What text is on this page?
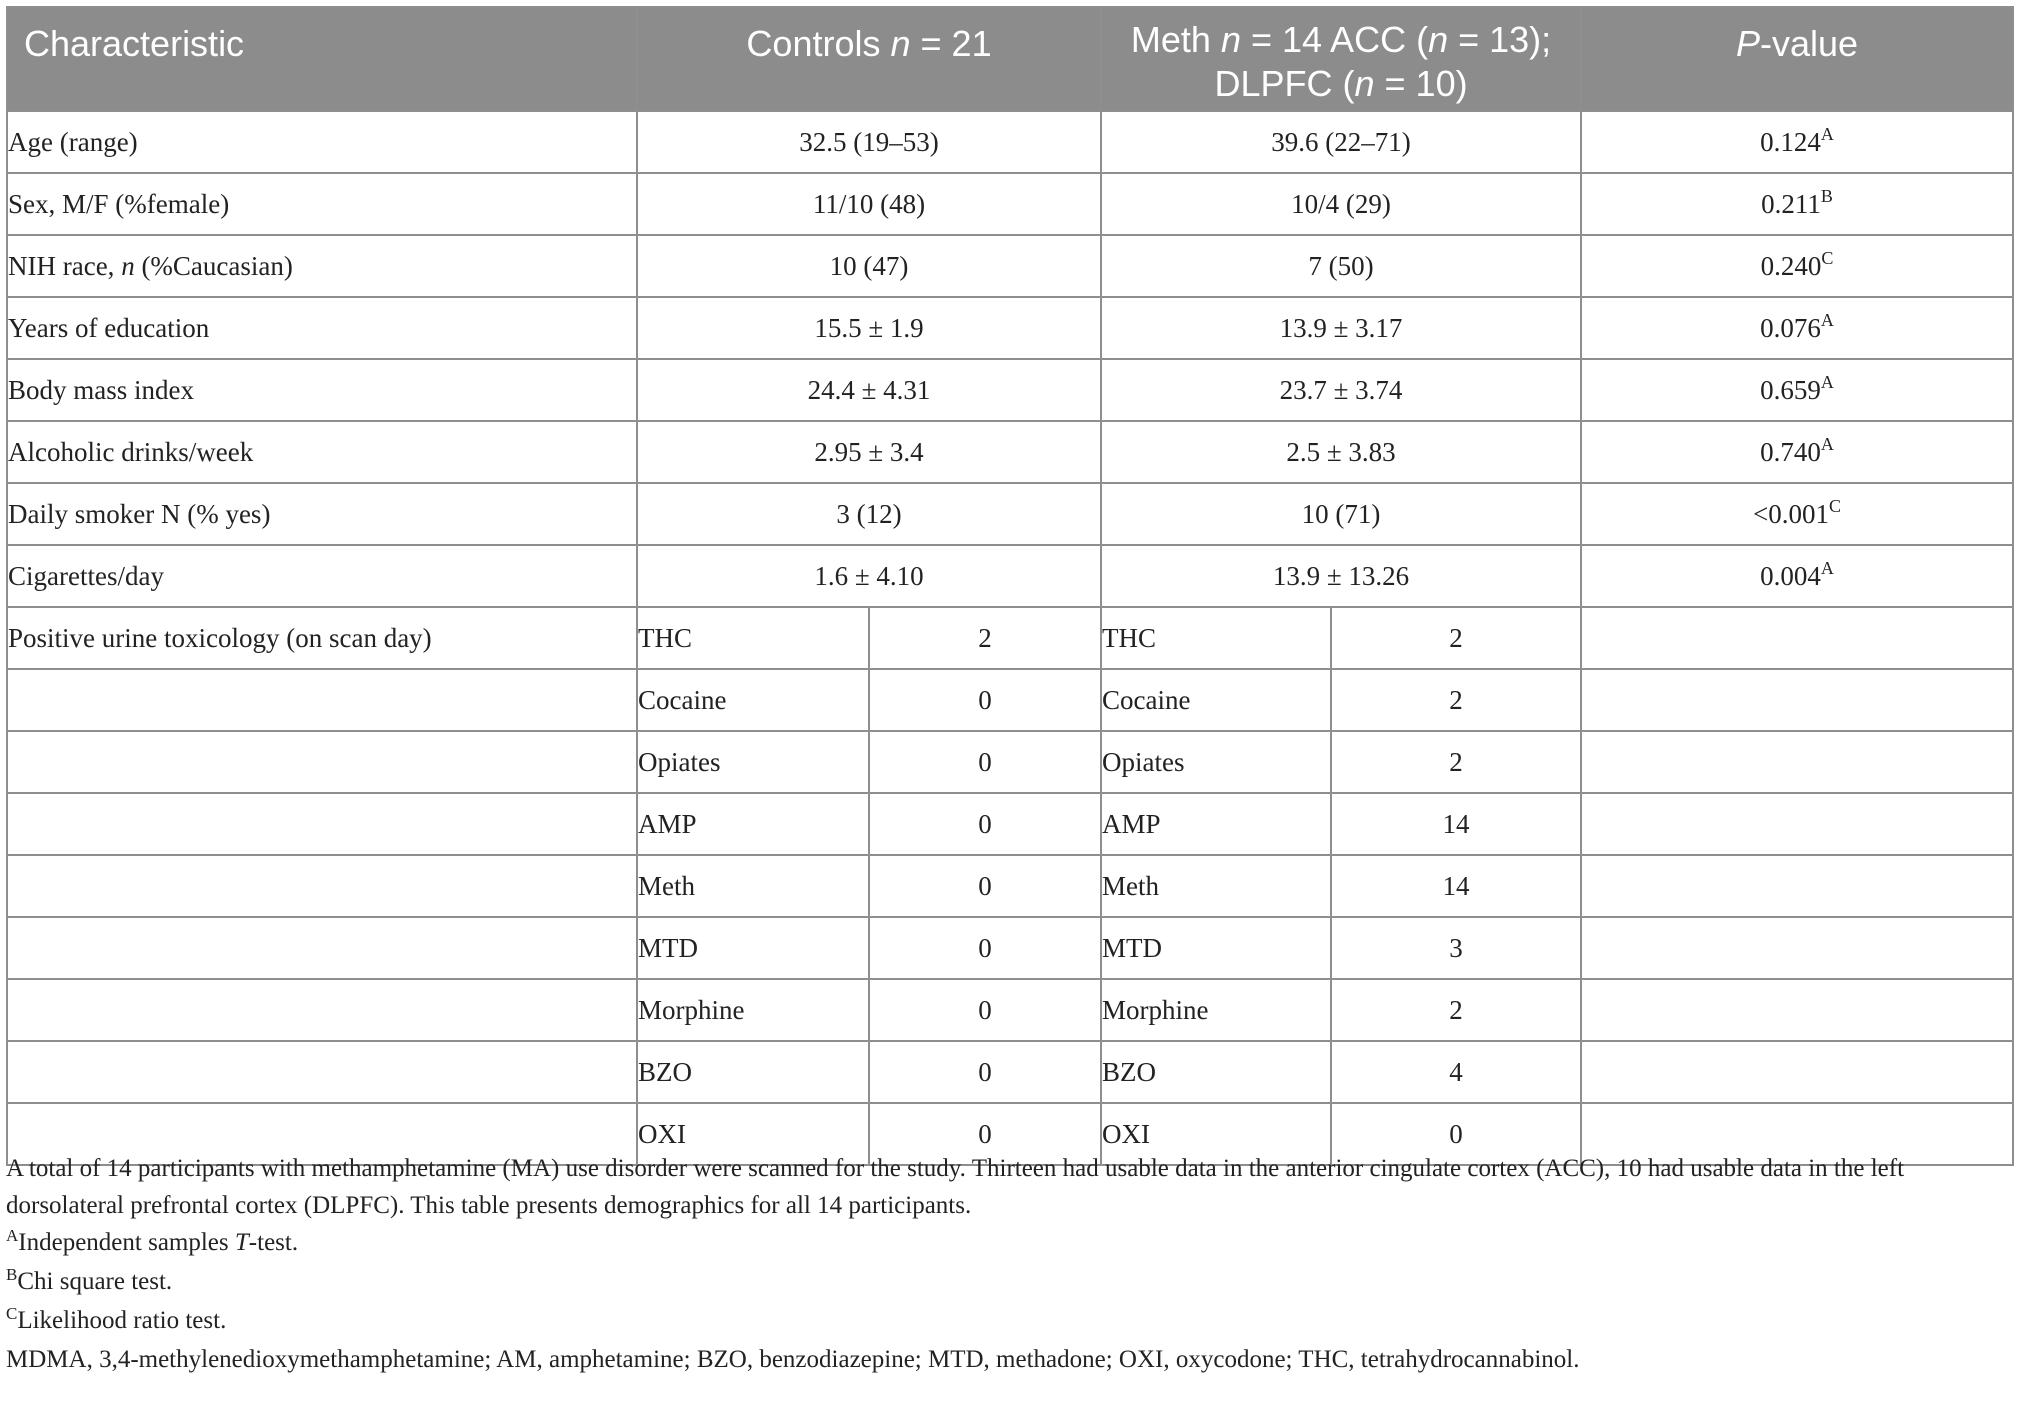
Characteristic	Controls n = 21		Meth n = 14 ACC (n = 13);
DLPFC (n = 10)		P-value
Age (range)	32.5 (19–53)		39.6 (22–71)		$0.124^A$
Sex, M/F (%female)	11/10 (48)		10/4 (29)		$0.211^B$
NIH race, n (%Caucasian)	10 (47)		7 (50)		$0.240^C$
Years of education	15.5 ± 1.9		13.9 ± 3.17		$0.076^A$
Body mass index	24.4 ± 4.31		23.7 ± 3.74		$0.659^A$
Alcoholic drinks/week	2.95 ± 3.4		2.5 ± 3.83		$0.740^A$
Daily smoker N (% yes)	3 (12)		10 (71)		$<0.001^C$
Cigarettes/day	1.6 ± 4.10		13.9 ± 13.26		$0.004^A$
Positive urine toxicology (on scan day)	THC	2	THC	2	
	Cocaine	0	Cocaine	2	
	Opiates	0	Opiates	2	
	AMP	0	AMP	14	
	Meth	0	Meth	14	
	MTD	0	MTD	3	
	Morphine	0	Morphine	2	
	BZO	0	BZO	4	
	OXI	0	OXI	0	

A total of 14 participants with methamphetamine (MA) use disorder were scanned for the study. Thirteen had usable data in the anterior cingulate cortex (ACC), 10 had usable data in the left dorsolateral prefrontal cortex (DLPFC). This table presents demographics for all 14 participants.

$^A$Independent samples T-test.

$^B$Chi square test.

$^C$Likelihood ratio test.

MDMA, 3,4-methylenedioxymethamphetamine; AM, amphetamine; BZO, benzodiazepine; MTD, methadone; OXI, oxycodone; THC, tetrahydrocannabinol.
